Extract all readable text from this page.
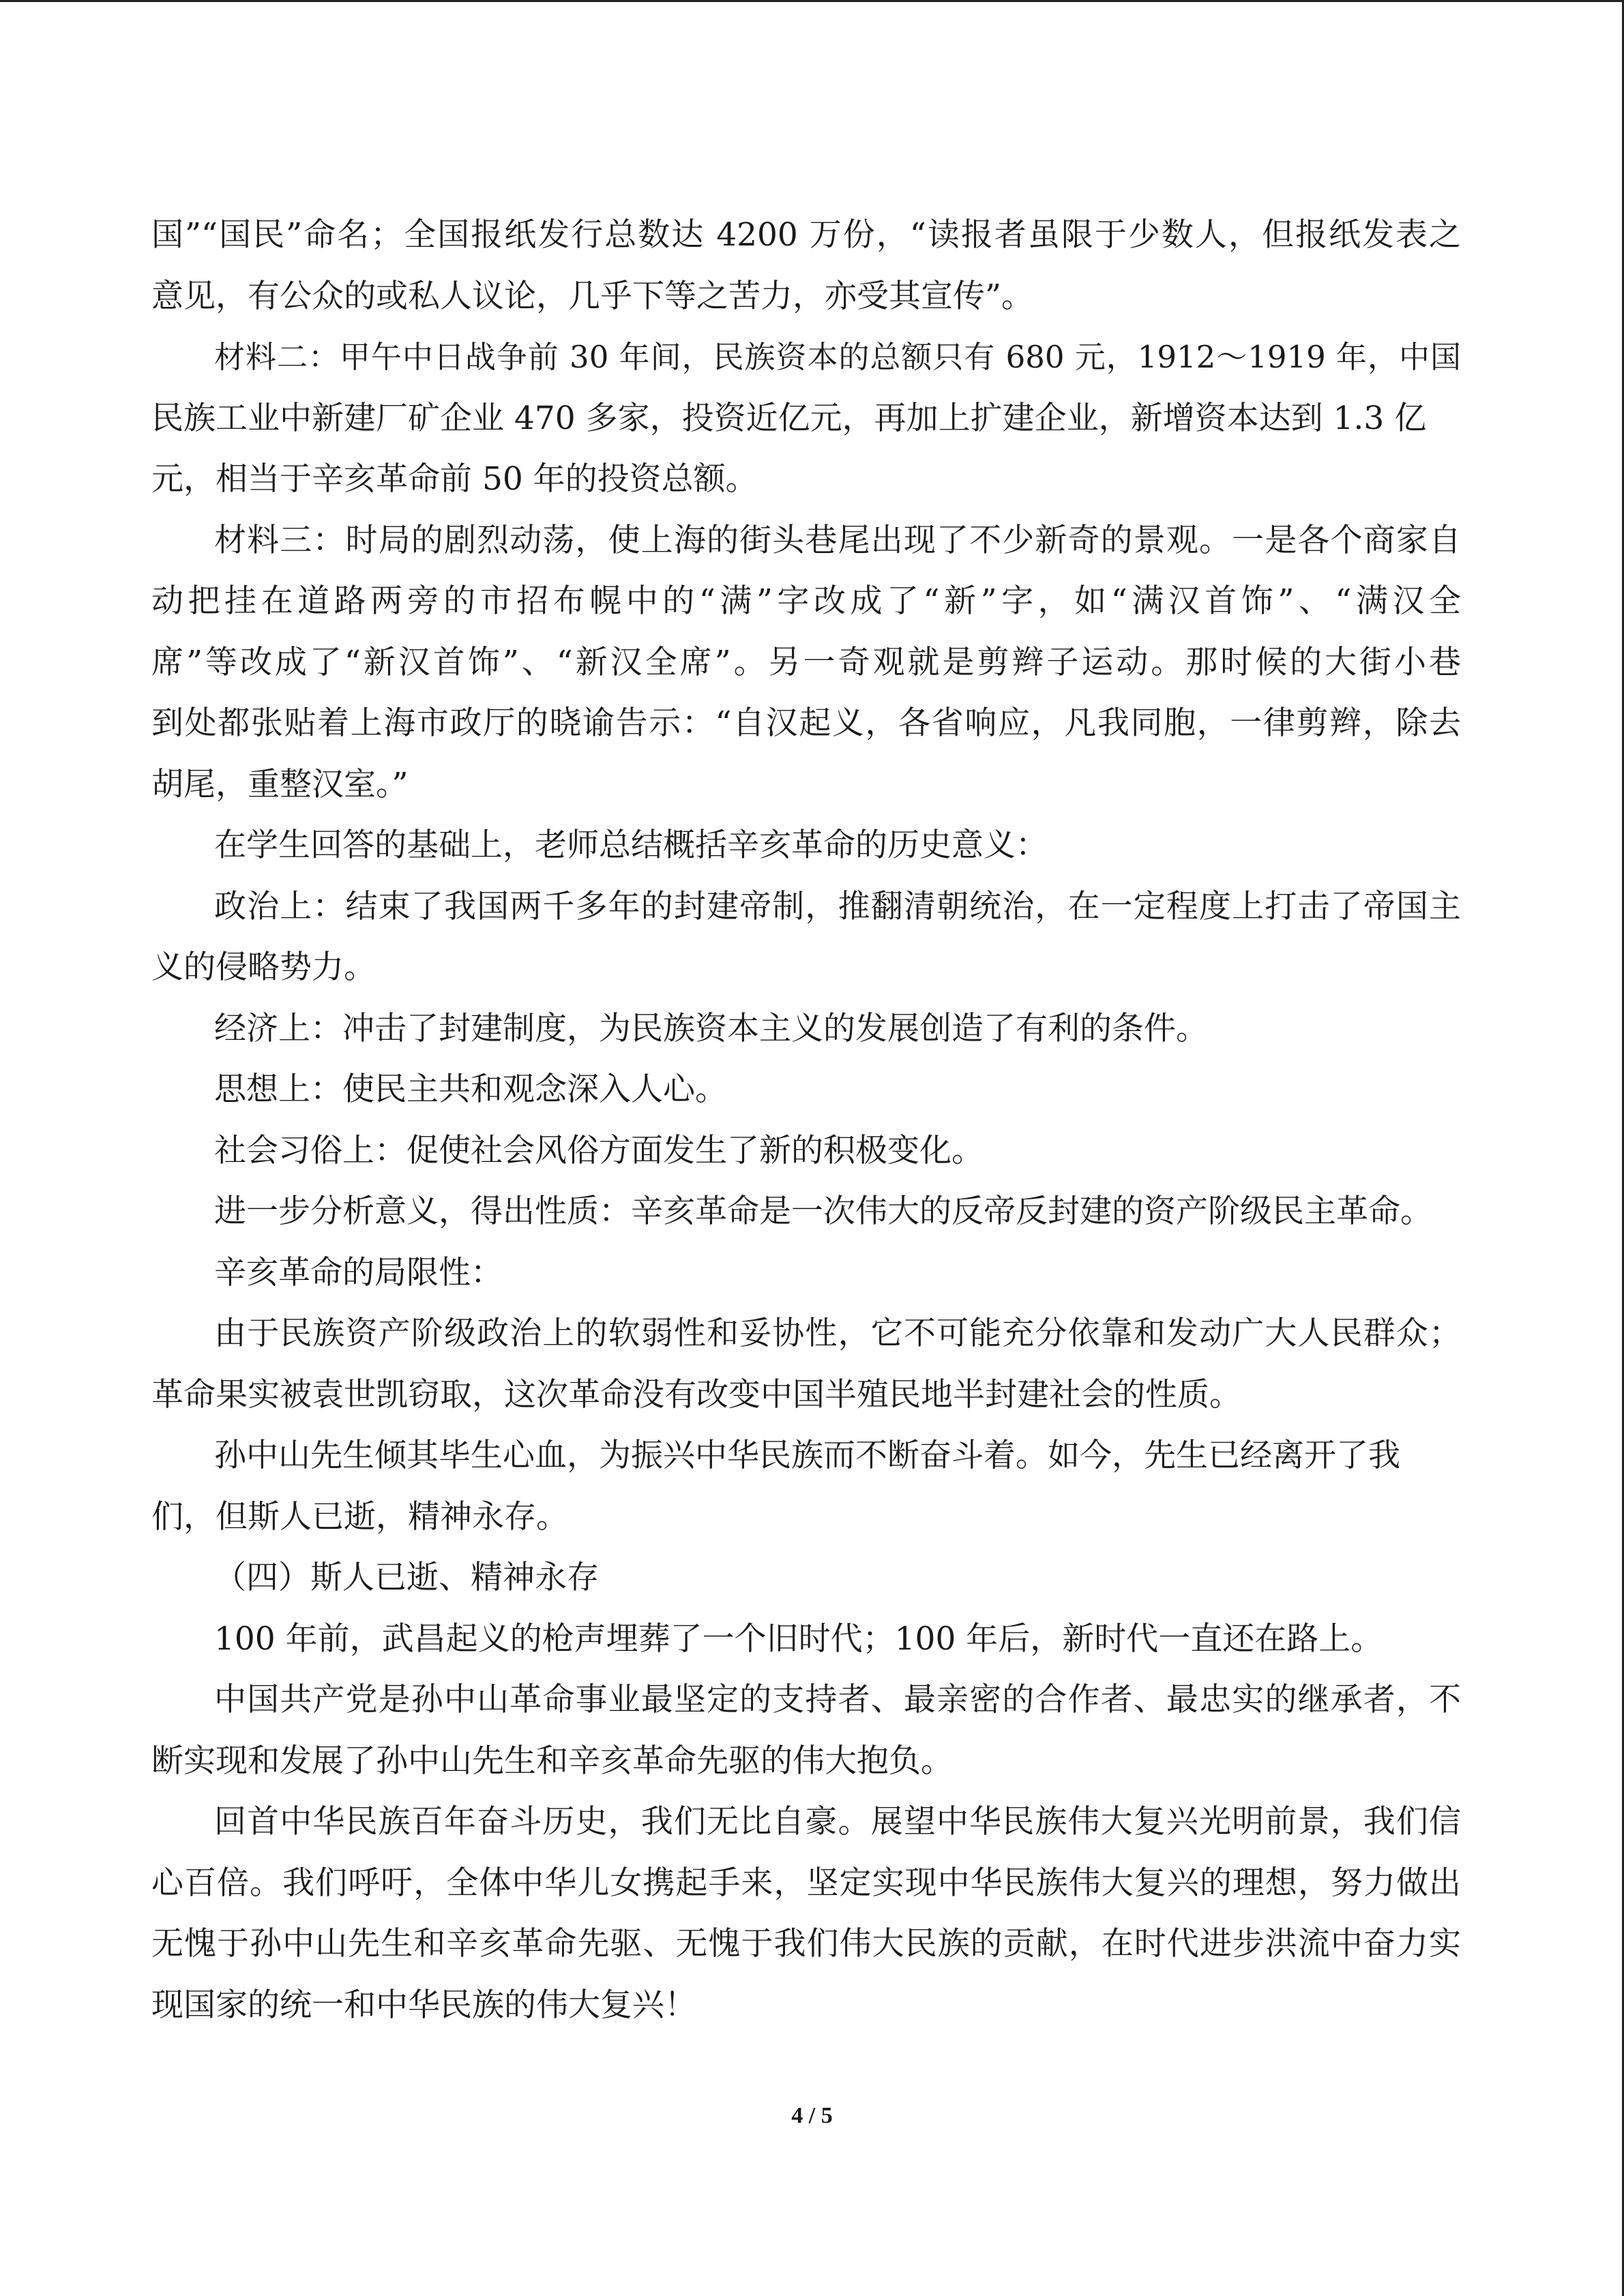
国”“国民”命名；全国报纸发行总数达 4200 万份，“读报者虽限于少数人，但报纸发表之
意见，有公众的或私人议论，几乎下等之苦力，亦受其宣传”。
材料二：甲午中日战争前 30 年间，民族资本的总额只有 680 元，1912～1919 年，中国
民族工业中新建厂矿企业 470 多家，投资近亿元，再加上扩建企业，新增资本达到 1.3 亿
元，相当于辛亥革命前 50 年的投资总额。
材料三：时局的剧烈动荡，使上海的街头巷尾出现了不少新奇的景观。一是各个商家自
动把挂在道路两旁的市招布幌中的“满”字改成了“新”字，如“满汉首饰”、“满汉全
席”等改成了“新汉首饰”、“新汉全席”。另一奇观就是剪辫子运动。那时候的大街小巷
到处都张贴着上海市政厅的晓谕告示：“自汉起义，各省响应，凡我同胞，一律剪辫，除去
胡尾，重整汉室。”
在学生回答的基础上，老师总结概括辛亥革命的历史意义：
政治上：结束了我国两千多年的封建帝制，推翻清朝统治，在一定程度上打击了帝国主
义的侵略势力。
经济上：冲击了封建制度，为民族资本主义的发展创造了有利的条件。
思想上：使民主共和观念深入人心。
社会习俗上：促使社会风俗方面发生了新的积极变化。
进一步分析意义，得出性质：辛亥革命是一次伟大的反帝反封建的资产阶级民主革命。
辛亥革命的局限性：
由于民族资产阶级政治上的软弱性和妥协性，它不可能充分依靠和发动广大人民群众；
革命果实被袁世凯窃取，这次革命没有改变中国半殖民地半封建社会的性质。
孙中山先生倾其毕生心血，为振兴中华民族而不断奋斗着。如今，先生已经离开了我
们，但斯人已逝，精神永存。
（四）斯人已逝、精神永存
100 年前，武昌起义的枪声埋葬了一个旧时代；100 年后，新时代一直还在路上。
中国共产党是孙中山革命事业最坚定的支持者、最亲密的合作者、最忠实的继承者，不
断实现和发展了孙中山先生和辛亥革命先驱的伟大抱负。
回首中华民族百年奋斗历史，我们无比自豪。展望中华民族伟大复兴光明前景，我们信
心百倍。我们呼吁，全体中华儿女携起手来，坚定实现中华民族伟大复兴的理想，努力做出
无愧于孙中山先生和辛亥革命先驱、无愧于我们伟大民族的贡献，在时代进步洪流中奋力实
现国家的统一和中华民族的伟大复兴！
4 / 5
